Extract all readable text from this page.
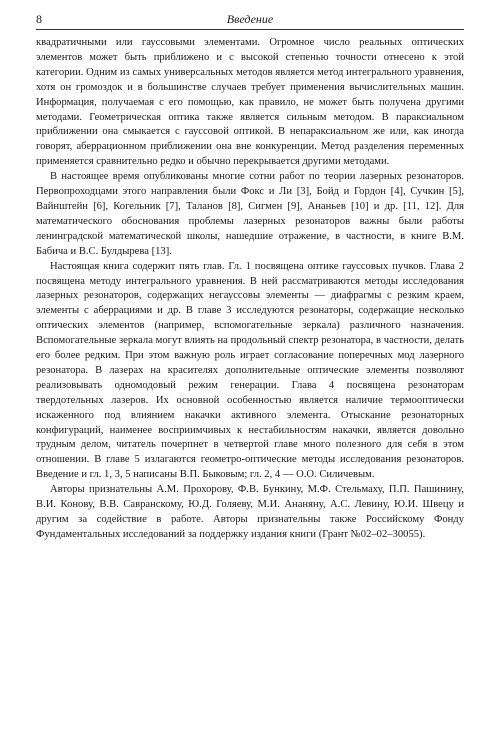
8	Введение

квадратичными или гауссовыми элементами. Огромное число реальных оптических элементов может быть приближено и с высокой степенью точности отнесено к этой категории. Одним из самых универсальных методов является метод интегрального уравнения, хотя он громоздок и в большинстве случаев требует применения вычислительных машин. Информация, получаемая с его помощью, как правило, не может быть получена другими методами. Геометрическая оптика также является сильным методом. В параксиальном приближении она смыкается с гауссовой оптикой. В непараксиальном же или, как иногда говорят, аберрационном приближении она вне конкуренции. Метод разделения переменных применяется сравнительно редко и обычно перекрывается другими методами.

В настоящее время опубликованы многие сотни работ по теории лазерных резонаторов. Первопроходцами этого направления были Фокс и Ли [3], Бойд и Гордон [4], Сучкин [5], Вайнштейн [6], Когельник [7], Таланов [8], Сигмен [9], Ананьев [10] и др. [11, 12]. Для математического обоснования проблемы лазерных резонаторов важны были работы ленинградской математической школы, нашедшие отражение, в частности, в книге В.М. Бабича и В.С. Булдырева [13].

Настоящая книга содержит пять глав. Гл. 1 посвящена оптике гауссовых пучков. Глава 2 посвящена методу интегрального уравнения. В ней рассматриваются методы исследования лазерных резонаторов, содержащих негауссовы элементы — диафрагмы с резким краем, элементы с аберрациями и др. В главе 3 исследуются резонаторы, содержащие несколько оптических элементов (например, вспомогательные зеркала) различного назначения. Вспомогательные зеркала могут влиять на продольный спектр резонатора, в частности, делать его более редким. При этом важную роль играет согласование поперечных мод лазерного резонатора. В лазерах на красителях дополнительные оптические элементы позволяют реализовывать одномодовый режим генерации. Глава 4 посвящена резонаторам твердотельных лазеров. Их основной особенностью является наличие термооптически искаженного под влиянием накачки активного элемента. Отыскание резонаторных конфигураций, наименее восприимчивых к нестабильностям накачки, является довольно трудным делом, читатель почерпнет в четвертой главе много полезного для себя в этом отношении. В главе 5 излагаются геометро-оптические методы исследования резонаторов. Введение и гл. 1, 3, 5 написаны В.П. Быковым; гл. 2, 4 — О.О. Силичевым.

Авторы признательны А.М. Прохорову, Ф.В. Бункину, М.Ф. Стельмаху, П.П. Пашинину, В.И. Конову, В.В. Савранскому, Ю.Д. Голяеву, М.И. Ананяну, А.С. Левину, Ю.И. Швецу и другим за содействие в работе. Авторы признательны также Российскому Фонду Фундаментальных исследований за поддержку издания книги (Грант №02–02–30055).
